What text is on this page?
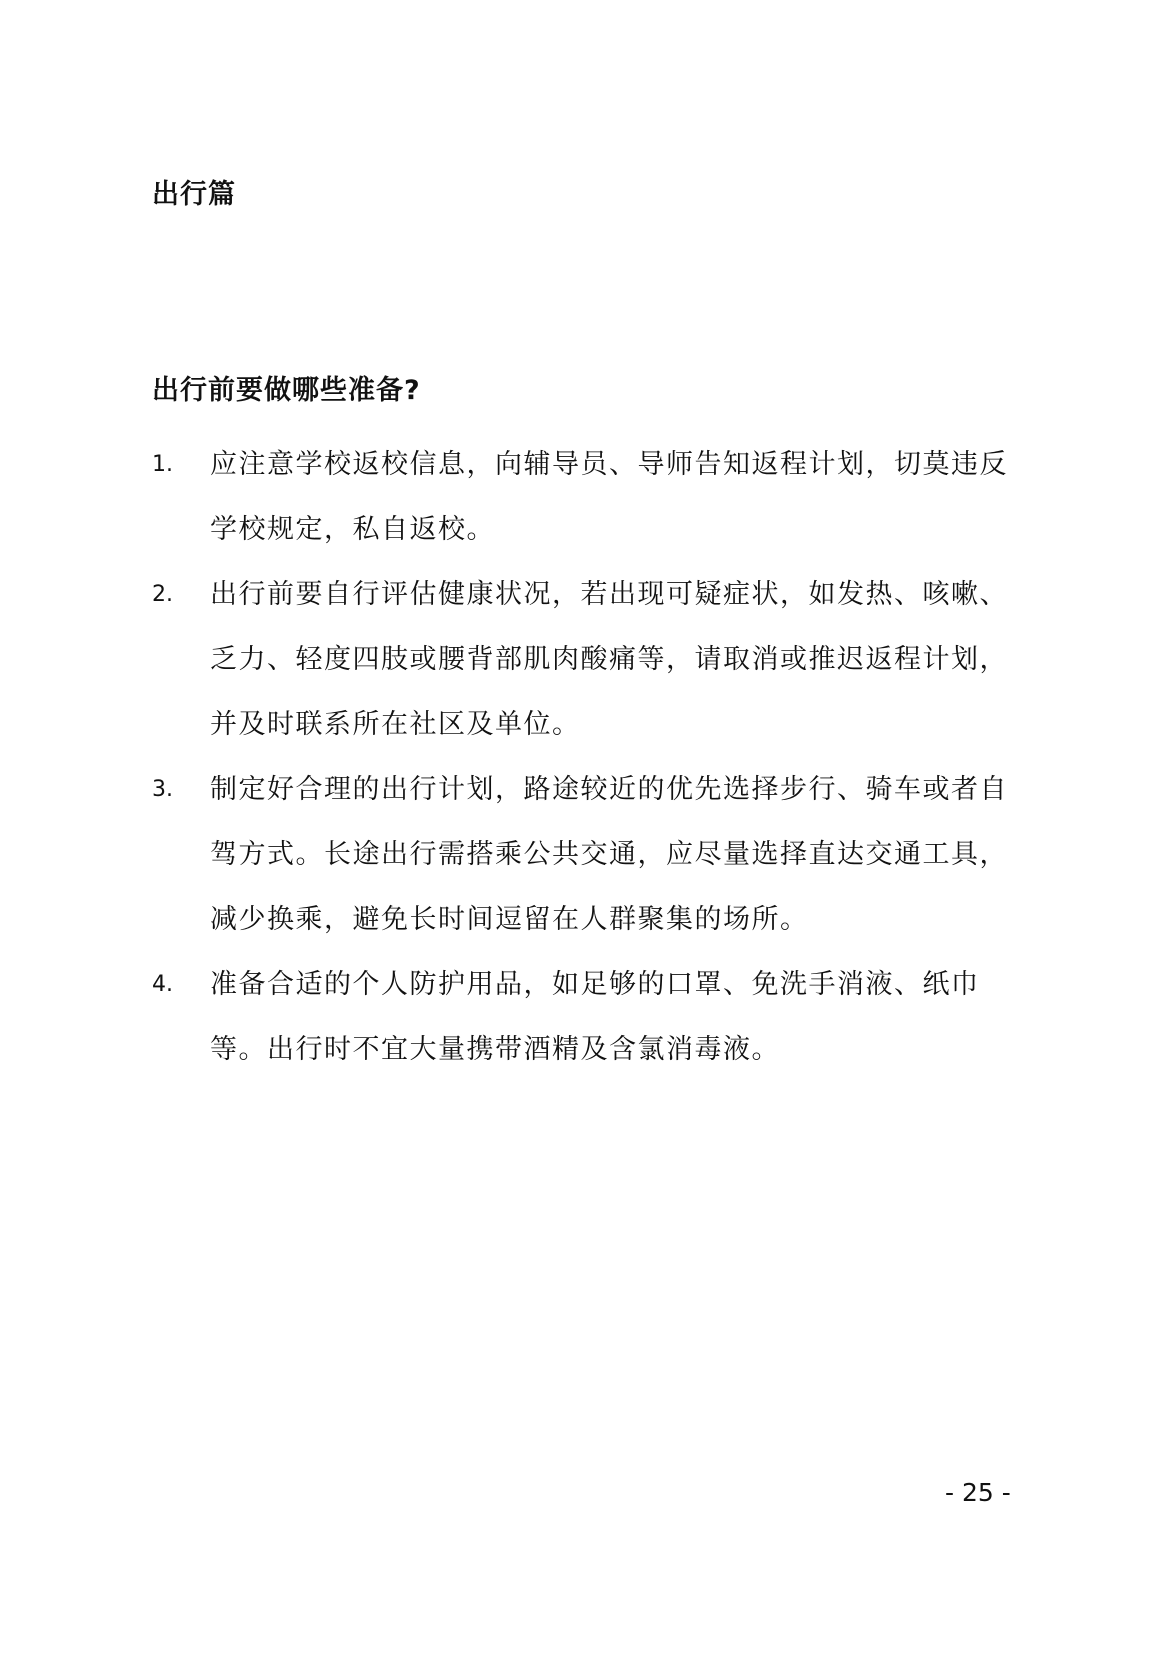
出行篇
出行前要做哪些准备?
1. 应注意学校返校信息，向辅导员、导师告知返程计划，切莫违反学校规定，私自返校。
2. 出行前要自行评估健康状况，若出现可疑症状，如发热、咳嗽、乏力、轻度四肢或腰背部肌肉酸痛等，请取消或推迟返程计划，并及时联系所在社区及单位。
3. 制定好合理的出行计划，路途较近的优先选择步行、骑车或者自驾方式。长途出行需搭乘公共交通，应尽量选择直达交通工具，减少换乘，避免长时间逗留在人群聚集的场所。
4. 准备合适的个人防护用品，如足够的口罩、免洗手消液、纸巾等。出行时不宜大量携带酒精及含氯消毒液。

- 25 -
